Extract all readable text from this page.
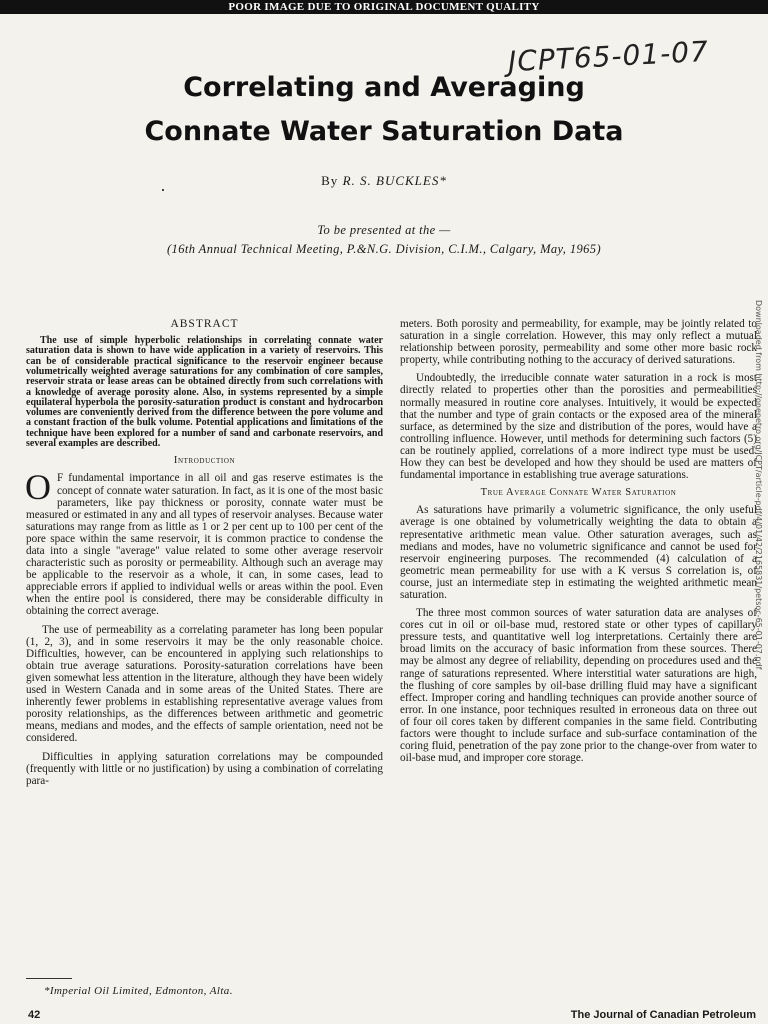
POOR IMAGE DUE TO ORIGINAL DOCUMENT QUALITY
JCPT65-01-07
Correlating and Averaging
Connate Water Saturation Data
By R. S. BUCKLES*
To be presented at the —
(16th Annual Technical Meeting, P.&N.G. Division, C.I.M., Calgary, May, 1965)
ABSTRACT

The use of simple hyperbolic relationships in correlating connate water saturation data is shown to have wide application in a variety of reservoirs. This can be of considerable practical significance to the reservoir engineer because volumetrically weighted average saturations for any combination of core samples, reservoir strata or lease areas can be obtained directly from such correlations with a knowledge of average porosity alone. Also, in systems represented by a simple equilateral hyperbola the porosity-saturation product is constant and hydrocarbon volumes are conveniently derived from the difference between the pore volume and a constant fraction of the bulk volume. Potential applications and limitations of the technique have been explored for a number of sand and carbonate reservoirs, and several examples are described.

Introduction

O F fundamental importance in all oil and gas reserve estimates is the concept of connate water saturation. In fact, as it is one of the most basic parameters, like pay thickness or porosity, connate water must be measured or estimated in any and all types of reservoir analyses. Because water saturations may range from as little as 1 or 2 per cent up to 100 per cent of the pore space within the same reservoir, it is common practice to condense the data into a single "average" value related to some other average reservoir characteristic such as porosity or permeability. Although such an average may be applicable to the reservoir as a whole, it can, in some cases, lead to appreciable errors if applied to individual wells or areas within the pool. Even when the entire pool is considered, there may be considerable difficulty in obtaining the correct average.

The use of permeability as a correlating parameter has long been popular (1, 2, 3), and in some reservoirs it may be the only reasonable choice. Difficulties, however, can be encountered in applying such relationships to obtain true average saturations. Porosity-saturation correlations have been given somewhat less attention in the literature, although they have been widely used in Western Canada and in some areas of the United States. There are inherently fewer problems in establishing representative average values from porosity relationships, as the differences between arithmetic and geometric means, medians and modes, and the effects of sample orientation, need not be considered.

Difficulties in applying saturation correlations may be compounded (frequently with little or no justification) by using a combination of correlating para-

meters. Both porosity and permeability, for example, may be jointly related to saturation in a single correlation. However, this may only reflect a mutual relationship between porosity, permeability and some other more basic rock property, while contributing nothing to the accuracy of derived saturations.

Undoubtedly, the irreducible connate water saturation in a rock is most directly related to properties other than the porosities and permeabilities normally measured in routine core analyses. Intuitively, it would be expected that the number and type of grain contacts or the exposed area of the mineral surface, as determined by the size and distribution of the pores, would have a controlling influence. However, until methods for determining such factors (5) can be routinely applied, correlations of a more indirect type must be used. How they can best be developed and how they should be used are matters of fundamental importance in establishing true average saturations.

True Average Connate Water Saturation

As saturations have primarily a volumetric significance, the only useful average is one obtained by volumetrically weighting the data to obtain a representative arithmetic mean value. Other saturation averages, such as medians and modes, have no volumetric significance and cannot be used for reservoir engineering purposes. The recommended (4) calculation of a geometric mean permeability for use with a K versus S correlation is, of course, just an intermediate step in estimating the weighted arithmetic mean saturation.

The three most common sources of water saturation data are analyses of cores cut in oil or oil-base mud, restored state or other types of capillary pressure tests, and quantitative well log interpretations. Certainly there are broad limits on the accuracy of basic information from these sources. There may be almost any degree of reliability, depending on procedures used and the range of saturations represented. Where interstitial water saturations are high, the flushing of core samples by oil-base drilling fluid may have a significant effect. Improper coring and handling techniques can provide another source of error. In one instance, poor techniques resulted in erroneous data on three out of four oil cores taken by different companies in the same field. Contributing factors were thought to include surface and sub-surface contamination of the coring fluid, penetration of the pay zone prior to the change-over from water to oil-base mud, and improper core storage.

Downloaded from http://onepetro.org/JCPT/article-pdf/4/01/42/2165831/petsoc-65-01-07.pdf
*Imperial Oil Limited, Edmonton, Alta.
42	The Journal of Canadian Petroleum
